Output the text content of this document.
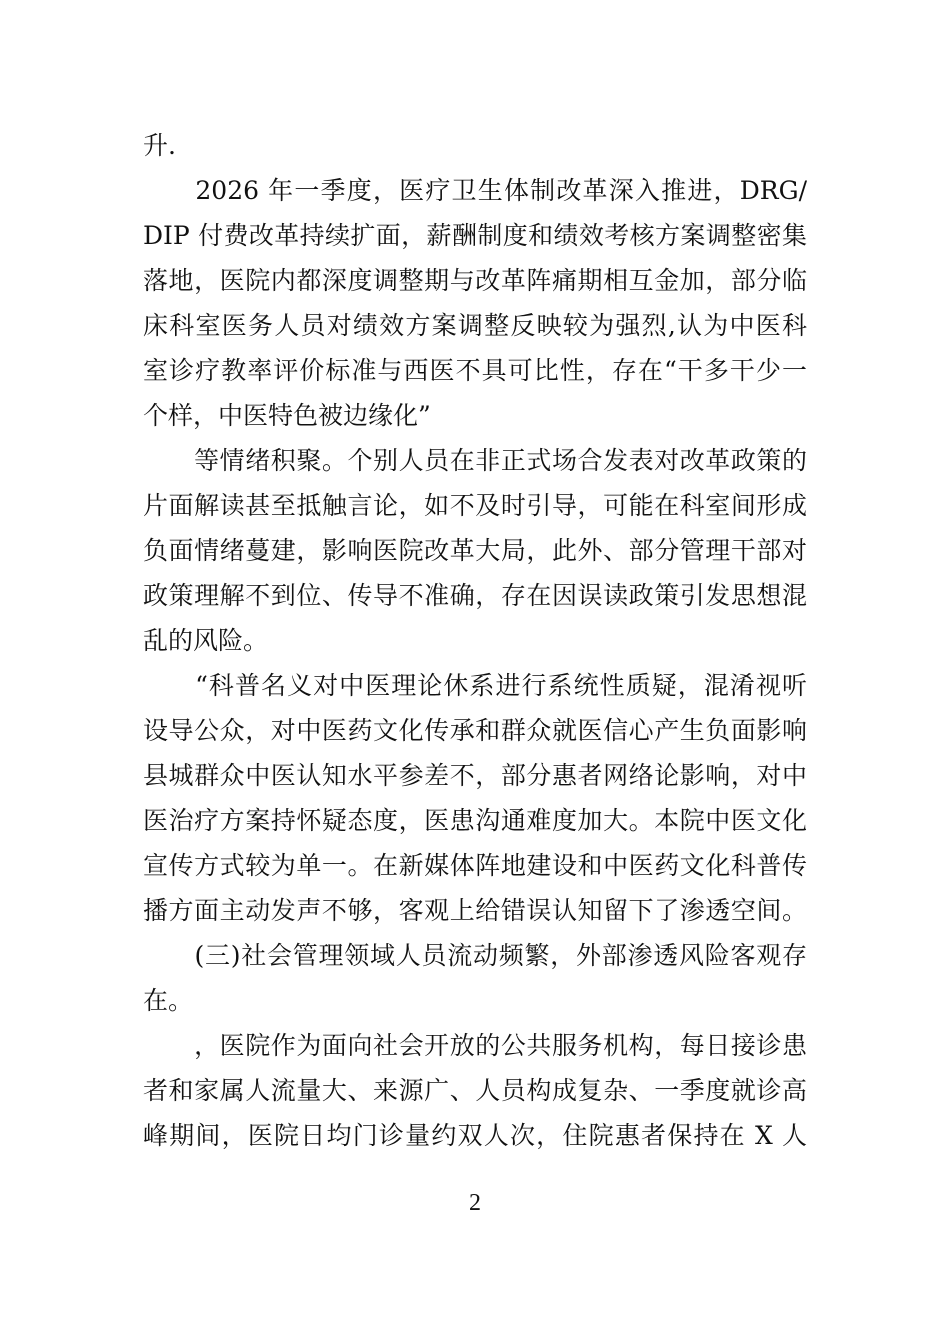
升.
　　2026 年一季度，医疗卫生体制改革深入推进，DRG/
DIP 付费改革持续扩面，薪酬制度和绩效考核方案调整密集
落地，医院内都深度调整期与改革阵痛期相互金加，部分临
床科室医务人员对绩效方案调整反映较为强烈,认为中医科
室诊疗教率评价标准与西医不具可比性，存在“干多干少一
个样，中医特色被边缘化”
　　等情绪积聚。个别人员在非正式场合发表对改革政策的
片面解读甚至抵触言论，如不及时引导，可能在科室间形成
负面情绪蔓建，影响医院改革大局，此外、部分管理干部对
政策理解不到位、传导不准确，存在因误读政策引发思想混
乱的风险。
　　“科普名义对中医理论休系进行系统性质疑，混淆视听
设导公众，对中医药文化传承和群众就医信心产生负面影响
县城群众中医认知水平参差不，部分惠者网络论影响，对中
医治疗方案持怀疑态度，医患沟通难度加大。本院中医文化
宣传方式较为单一。在新媒体阵地建设和中医药文化科普传
播方面主动发声不够，客观上给错误认知留下了渗透空间。
　　(三)社会管理领域人员流动频繁，外部渗透风险客观存
在。
　　，医院作为面向社会开放的公共服务机构，每日接诊患
者和家属人流量大、来源广、人员构成复杂、一季度就诊高
峰期间，医院日均门诊量约双人次，住院惠者保持在 X 人
2
